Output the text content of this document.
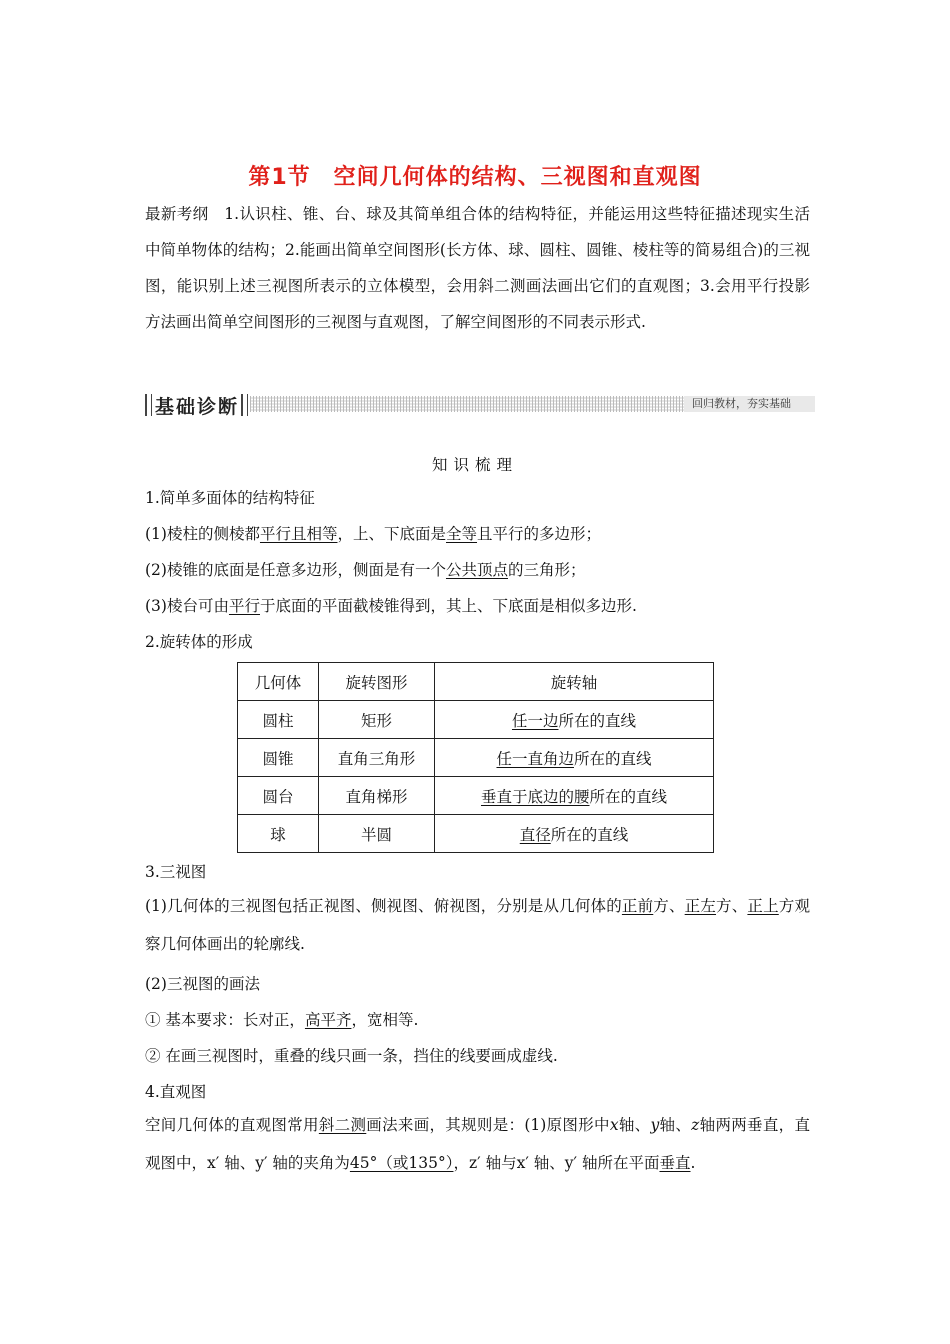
第1节　空间几何体的结构、三视图和直观图
最新考纲　1.认识柱、锥、台、球及其简单组合体的结构特征，并能运用这些特征描述现实生活中简单物体的结构；2.能画出简单空间图形(长方体、球、圆柱、圆锥、棱柱等的简易组合)的三视图，能识别上述三视图所表示的立体模型，会用斜二测画法画出它们的直观图；3.会用平行投影方法画出简单空间图形的三视图与直观图，了解空间图形的不同表示形式.
基础诊断	回归教材，夯实基础
知识梳理
1.简单多面体的结构特征
(1)棱柱的侧棱都平行且相等，上、下底面是全等且平行的多边形；
(2)棱锥的底面是任意多边形，侧面是有一个公共顶点的三角形；
(3)棱台可由平行于底面的平面截棱锥得到，其上、下底面是相似多边形.
2.旋转体的形成
几何体	旋转图形	旋转轴
圆柱	矩形	任一边所在的直线
圆锥	直角三角形	任一直角边所在的直线
圆台	直角梯形	垂直于底边的腰所在的直线
球	半圆	直径所在的直线
3.三视图
(1)几何体的三视图包括正视图、侧视图、俯视图，分别是从几何体的正前方、正左方、正上方观察几何体画出的轮廓线.
(2)三视图的画法
① 基本要求：长对正，高平齐，宽相等.
② 在画三视图时，重叠的线只画一条，挡住的线要画成虚线.
4.直观图
空间几何体的直观图常用斜二测画法来画，其规则是：(1)原图形中x轴、y轴、z轴两两垂直，直观图中，x′ 轴、y′ 轴的夹角为45°（或135°），z′ 轴与x′ 轴、y′ 轴所在平面垂直.
